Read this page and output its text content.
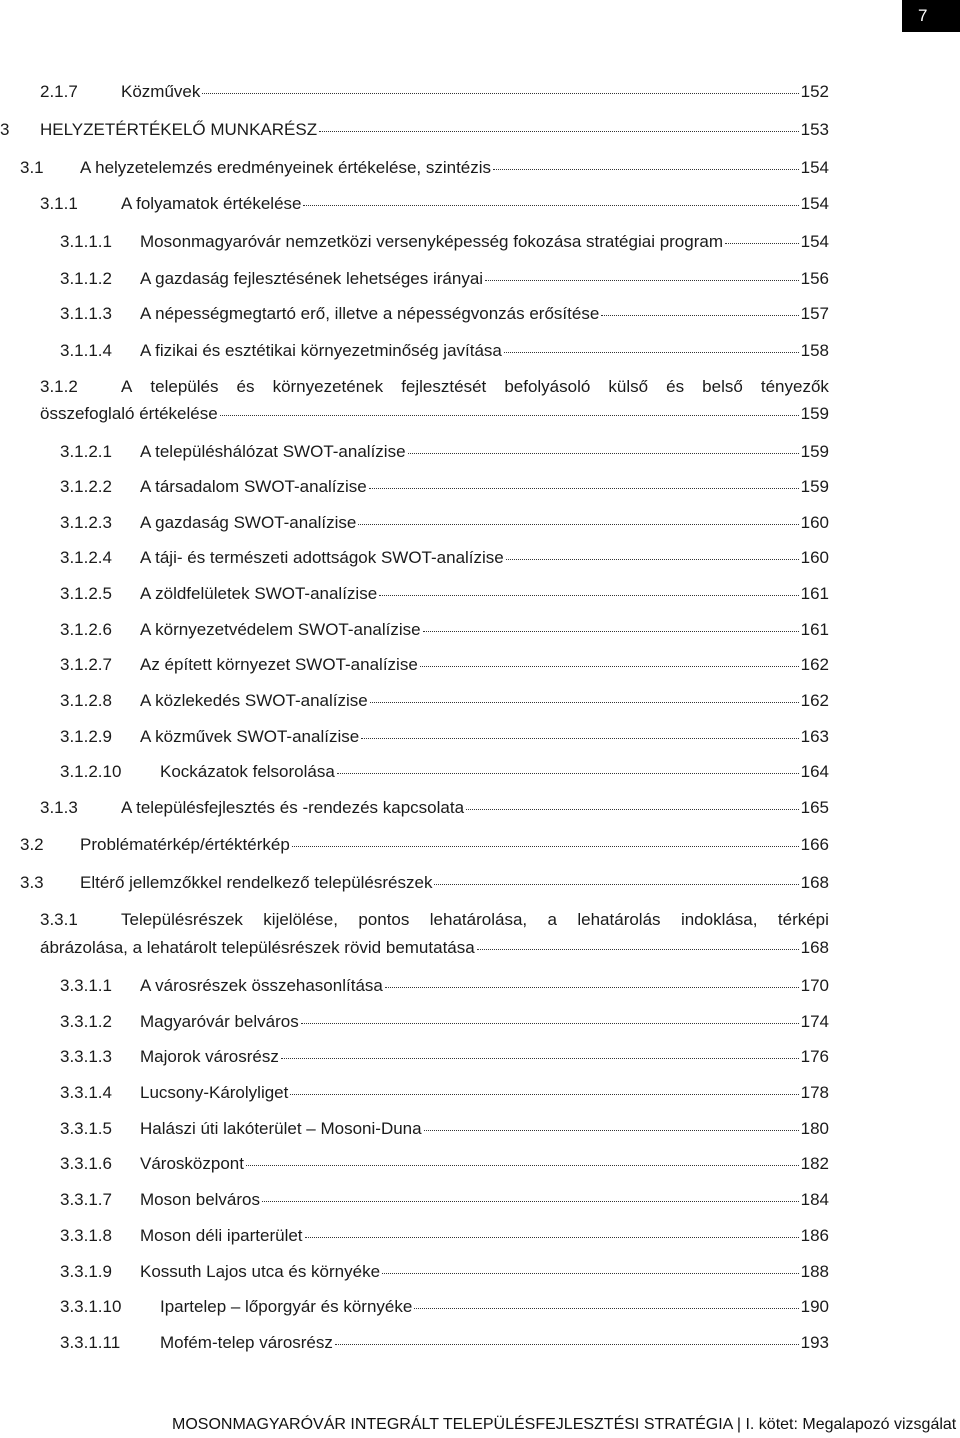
7
2.1.7	Közművek	152
3	HELYZETÉRTÉKELŐ MUNKARÉSZ	153
3.1	A helyzetelemzés eredményeinek értékelése, szintézis	154
3.1.1	A folyamatok értékelése	154
3.1.1.1	Mosonmagyaróvár nemzetközi versenyképesség fokozása stratégiai program	154
3.1.1.2	A gazdaság fejlesztésének lehetséges irányai	156
3.1.1.3	A népességmegtartó erő, illetve a népességvonzás erősítése	157
3.1.1.4	A fizikai és esztétikai környezetminőség javítása	158
3.1.2	A település és környezetének fejlesztését befolyásoló külső és belső tényezők
összefoglaló értékelése	159
3.1.2.1	A településhálózat SWOT-analízise	159
3.1.2.2	A társadalom SWOT-analízise	159
3.1.2.3	A gazdaság SWOT-analízise	160
3.1.2.4	A táji- és természeti adottságok SWOT-analízise	160
3.1.2.5	A zöldfelületek SWOT-analízise	161
3.1.2.6	A környezetvédelem SWOT-analízise	161
3.1.2.7	Az épített környezet SWOT-analízise	162
3.1.2.8	A közlekedés SWOT-analízise	162
3.1.2.9	A közművek SWOT-analízise	163
3.1.2.10	Kockázatok felsorolása	164
3.1.3	A településfejlesztés és -rendezés kapcsolata	165
3.2	Problématérkép/értéktérkép	166
3.3	Eltérő jellemzőkkel rendelkező településrészek	168
3.3.1	Településrészek kijelölése, pontos lehatárolása, a lehatárolás indoklása, térképi
ábrázolása, a lehatárolt településrészek rövid bemutatása	168
3.3.1.1	A városrészek összehasonlítása	170
3.3.1.2	Magyaróvár belváros	174
3.3.1.3	Majorok városrész	176
3.3.1.4	Lucsony-Károlyliget	178
3.3.1.5	Halászi úti lakóterület – Mosoni-Duna	180
3.3.1.6	Városközpont	182
3.3.1.7	Moson belváros	184
3.3.1.8	Moson déli iparterület	186
3.3.1.9	Kossuth Lajos utca és környéke	188
3.3.1.10	Ipartelep – lőporgyár és környéke	190
3.3.1.11	Mofém-telep városrész	193
MOSONMAGYARÓVÁR INTEGRÁLT TELEPÜLÉSFEJLESZTÉSI STRATÉGIA | I. kötet: Megalapozó vizsgálat
